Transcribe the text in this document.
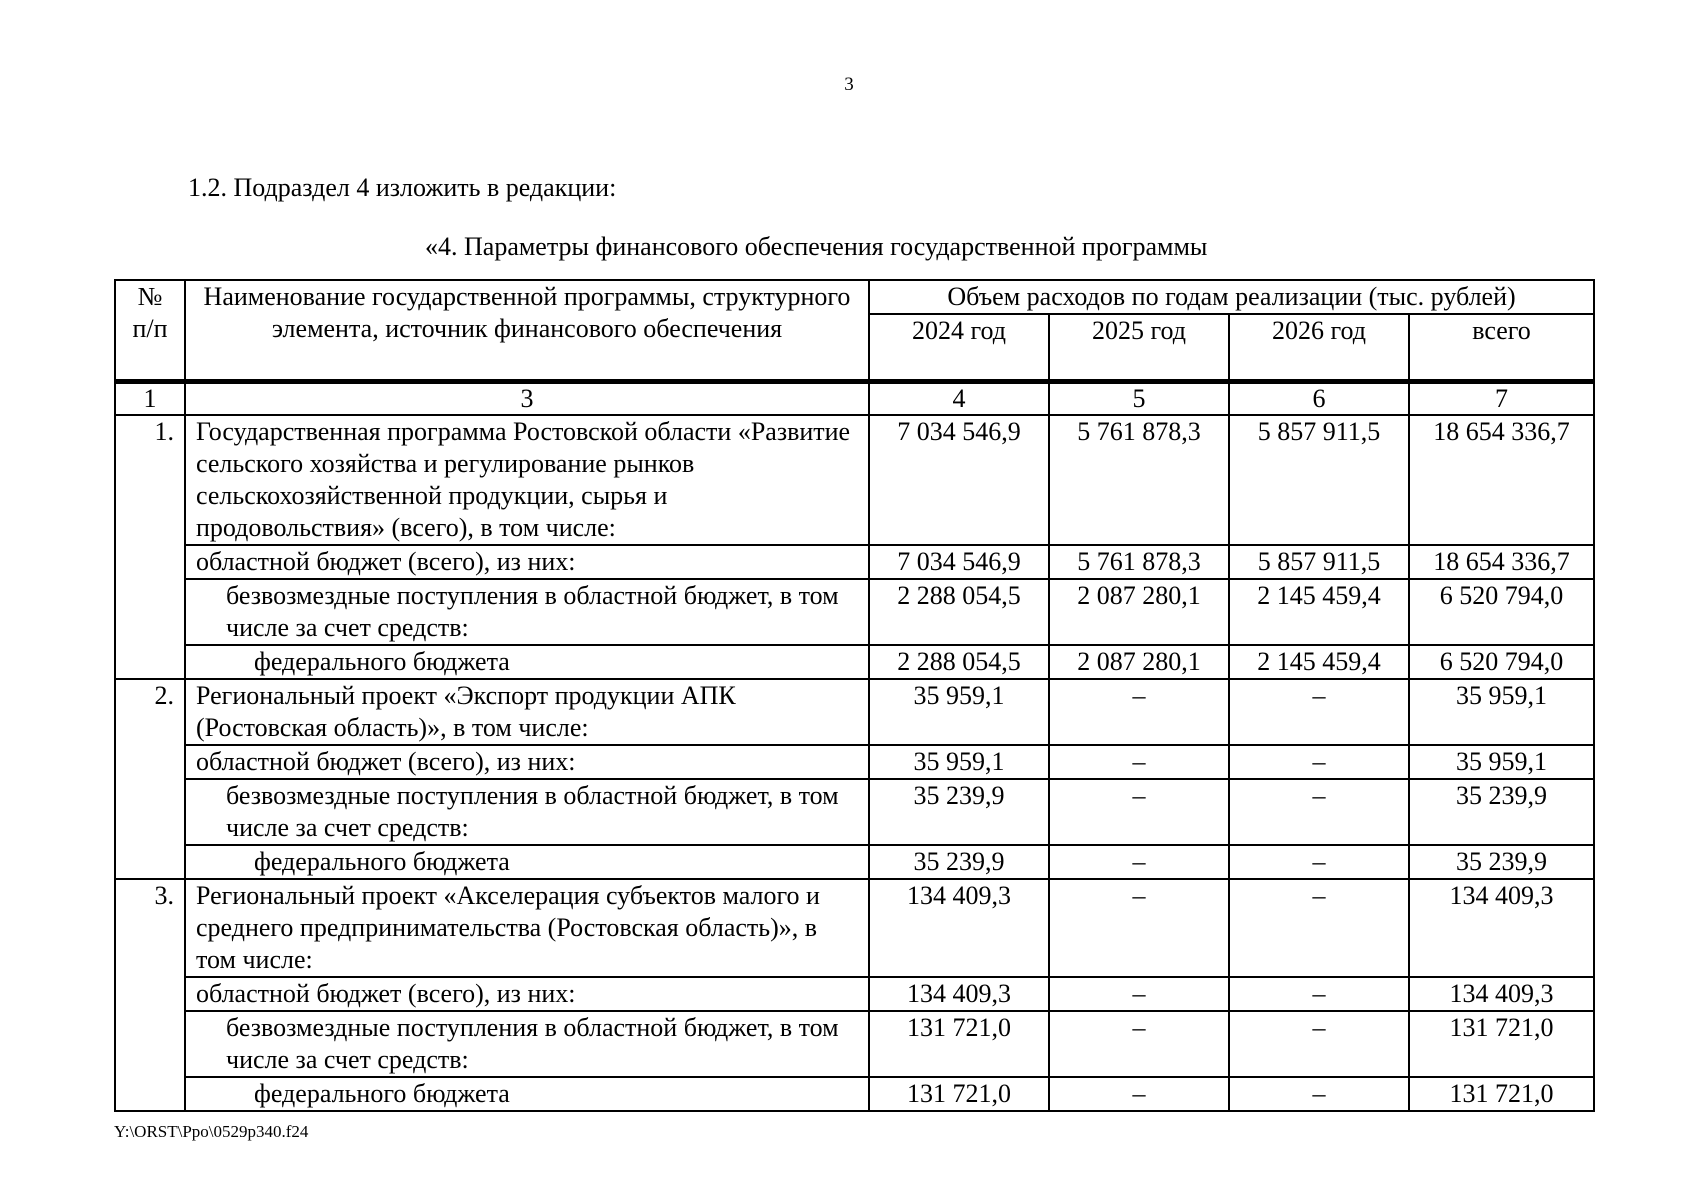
3
1.2. Подраздел 4 изложить в редакции:
«4. Параметры финансового обеспечения государственной программы
№ п/п	Наименование государственной программы, структурного элемента, источник финансового обеспечения	Объем расходов по годам реализации (тыс. рублей)			
		2024 год	2025 год	2026 год	всего
1	3	4	5	6	7
1.	Государственная программа Ростовской области «Развитие сельского хозяйства и регулирование рынков сельскохозяйственной продукции, сырья и продовольствия» (всего), в том числе:	7 034 546,9	5 761 878,3	5 857 911,5	18 654 336,7
	областной бюджет (всего), из них:	7 034 546,9	5 761 878,3	5 857 911,5	18 654 336,7
	безвозмездные поступления в областной бюджет, в том числе за счет средств:	2 288 054,5	2 087 280,1	2 145 459,4	6 520 794,0
	федерального бюджета	2 288 054,5	2 087 280,1	2 145 459,4	6 520 794,0
2.	Региональный проект «Экспорт продукции АПК (Ростовская область)», в том числе:	35 959,1	–	–	35 959,1
	областной бюджет (всего), из них:	35 959,1	–	–	35 959,1
	безвозмездные поступления в областной бюджет, в том числе за счет средств:	35 239,9	–	–	35 239,9
	федерального бюджета	35 239,9	–	–	35 239,9
3.	Региональный проект «Акселерация субъектов малого и среднего предпринимательства (Ростовская область)», в том числе:	134 409,3	–	–	134 409,3
	областной бюджет (всего), из них:	134 409,3	–	–	134 409,3
	безвозмездные поступления в областной бюджет, в том числе за счет средств:	131 721,0	–	–	131 721,0
	федерального бюджета	131 721,0	–	–	131 721,0
Y:\ORST\Ppo\0529p340.f24
